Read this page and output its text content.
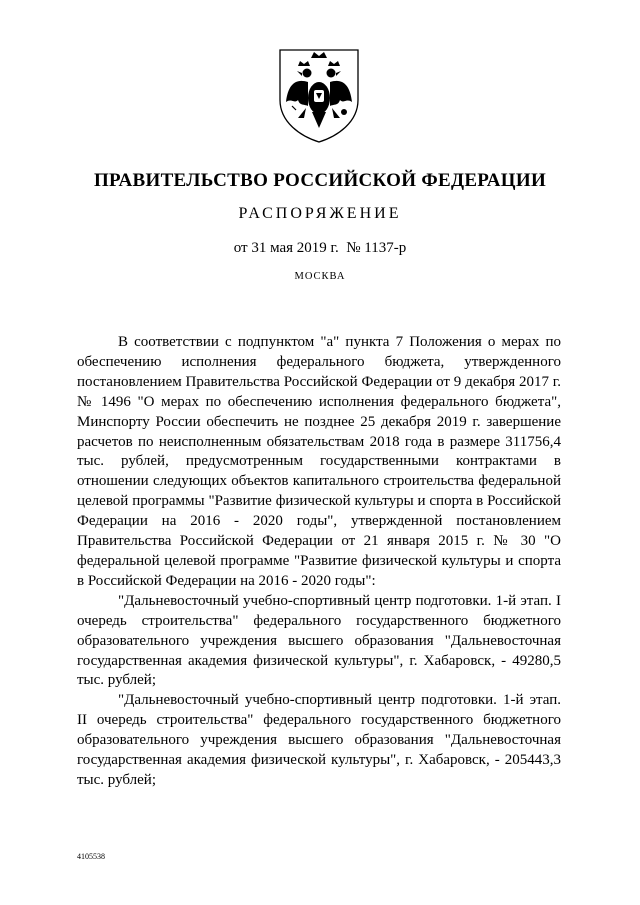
ПРАВИТЕЛЬСТВО РОССИЙСКОЙ ФЕДЕРАЦИИ
РАСПОРЯЖЕНИЕ
от 31 мая 2019 г.  № 1137-р
МОСКВА

В соответствии с подпунктом "а" пункта 7 Положения о мерах по обеспечению исполнения федерального бюджета, утвержденного постановлением Правительства Российской Федерации от 9 декабря 2017 г. № 1496 "О мерах по обеспечению исполнения федерального бюджета", Минспорту России обеспечить не позднее 25 декабря 2019 г. завершение расчетов по неисполненным обязательствам 2018 года в размере 311756,4 тыс. рублей, предусмотренным государственными контрактами в отношении следующих объектов капитального строительства федеральной целевой программы "Развитие физической культуры и спорта в Российской Федерации на 2016 - 2020 годы", утвержденной постановлением Правительства Российской Федерации от 21 января 2015 г. № 30 "О федеральной целевой программе "Развитие физической культуры и спорта в Российской Федерации на 2016 - 2020 годы":

"Дальневосточный учебно-спортивный центр подготовки. 1-й этап. I очередь строительства" федерального государственного бюджетного образовательного учреждения высшего образования "Дальневосточная государственная академия физической культуры", г. Хабаровск, - 49280,5 тыс. рублей;

"Дальневосточный учебно-спортивный центр подготовки. 1-й этап. II очередь строительства" федерального государственного бюджетного образовательного учреждения высшего образования "Дальневосточная государственная академия физической культуры", г. Хабаровск, - 205443,3 тыс. рублей;

4105538
